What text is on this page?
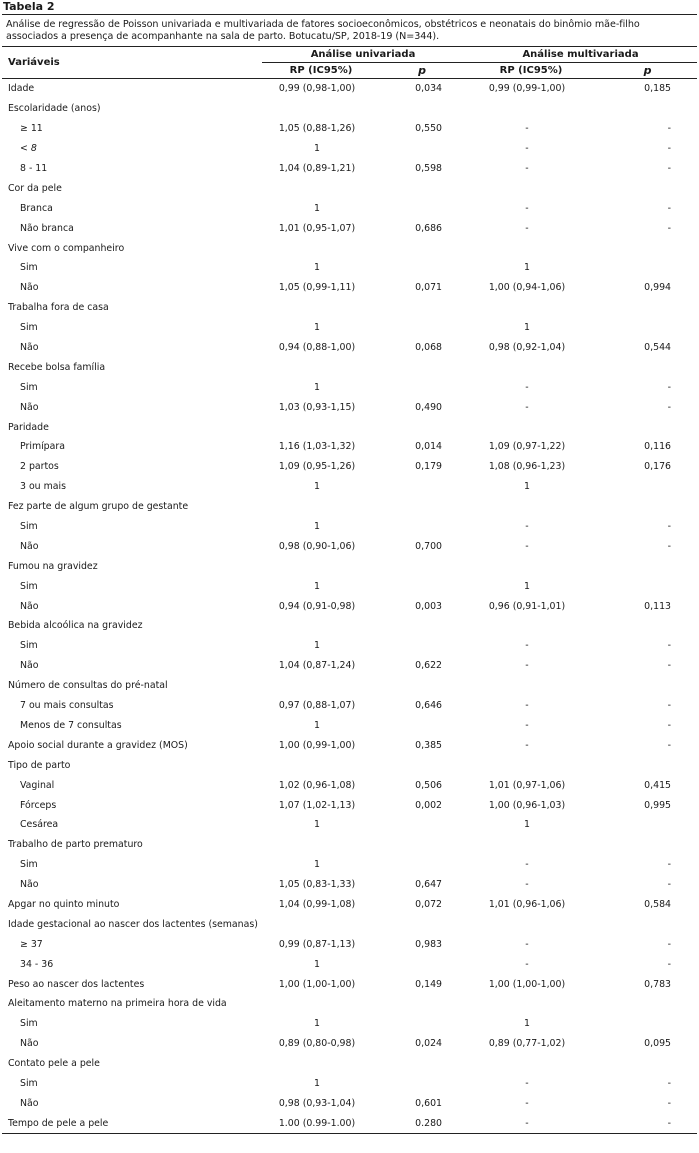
Tabela 2
Análise de regressão de Poisson univariada e multivariada de fatores socioeconômicos, obstétricos e neonatais do binômio mãe-filho associados a presença de acompanhante na sala de parto. Botucatu/SP, 2018-19 (N=344).
Variáveis	Análise univariada		Análise multivariada	
	RP (IC95%)	p	RP (IC95%)	p
Idade	0,99 (0,98-1,00)	0,034	0,99 (0,99-1,00)	0,185
Escolaridade (anos)				
≥ 11	1,05 (0,88-1,26)	0,550	-	-
< 8	1		-	-
8 - 11	1,04 (0,89-1,21)	0,598	-	-
Cor da pele				
Branca	1		-	-
Não branca	1,01 (0,95-1,07)	0,686	-	-
Vive com o companheiro				
Sim	1		1	
Não	1,05 (0,99-1,11)	0,071	1,00 (0,94-1,06)	0,994
Trabalha fora de casa				
Sim	1		1	
Não	0,94 (0,88-1,00)	0,068	0,98 (0,92-1,04)	0,544
Recebe bolsa família				
Sim	1		-	-
Não	1,03 (0,93-1,15)	0,490	-	-
Paridade				
Primípara	1,16 (1,03-1,32)	0,014	1,09 (0,97-1,22)	0,116
2 partos	1,09 (0,95-1,26)	0,179	1,08 (0,96-1,23)	0,176
3 ou mais	1		1	
Fez parte de algum grupo de gestante				
Sim	1		-	-
Não	0,98 (0,90-1,06)	0,700	-	-
Fumou na gravidez				
Sim	1		1	
Não	0,94 (0,91-0,98)	0,003	0,96 (0,91-1,01)	0,113
Bebida alcoólica na gravidez				
Sim	1		-	-
Não	1,04 (0,87-1,24)	0,622	-	-
Número de consultas do pré-natal				
7 ou mais consultas	0,97 (0,88-1,07)	0,646	-	-
Menos de 7 consultas	1		-	-
Apoio social durante a gravidez (MOS)	1,00 (0,99-1,00)	0,385	-	-
Tipo de parto				
Vaginal	1,02 (0,96-1,08)	0,506	1,01 (0,97-1,06)	0,415
Fórceps	1,07 (1,02-1,13)	0,002	1,00 (0,96-1,03)	0,995
Cesárea	1		1	
Trabalho de parto prematuro				
Sim	1		-	-
Não	1,05 (0,83-1,33)	0,647	-	-
Apgar no quinto minuto	1,04 (0,99-1,08)	0,072	1,01 (0,96-1,06)	0,584
Idade gestacional ao nascer dos lactentes (semanas)				
≥ 37	0,99 (0,87-1,13)	0,983	-	-
34 - 36	1		-	-
Peso ao nascer dos lactentes	1,00 (1,00-1,00)	0,149	1,00 (1,00-1,00)	0,783
Aleitamento materno na primeira hora de vida				
Sim	1		1	
Não	0,89 (0,80-0,98)	0,024	0,89 (0,77-1,02)	0,095
Contato pele a pele				
Sim	1		-	-
Não	0,98 (0,93-1,04)	0,601	-	-
Tempo de pele a pele	1.00 (0.99-1.00)	0.280	-	-
